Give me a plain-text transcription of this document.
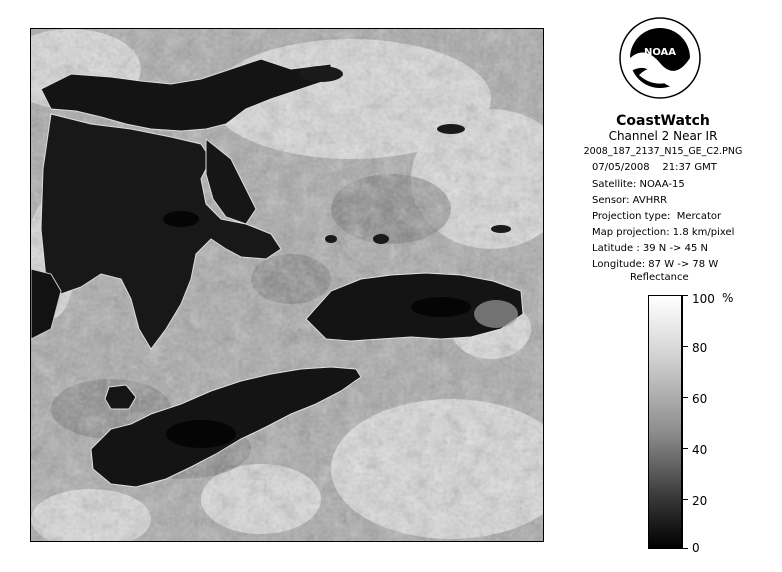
NOAA
CoastWatch
Channel 2 Near IR
2008_187_2137_N15_GE_C2.PNG
07/05/2008    21:37 GMT
Satellite: NOAA-15
Sensor: AVHRR
Projection type:  Mercator
Map projection: 1.8 km/pixel
Latitude : 39 N -> 45 N
Longitude: 87 W -> 78 W
Reflectance
%
100
80
60
40
20
0
